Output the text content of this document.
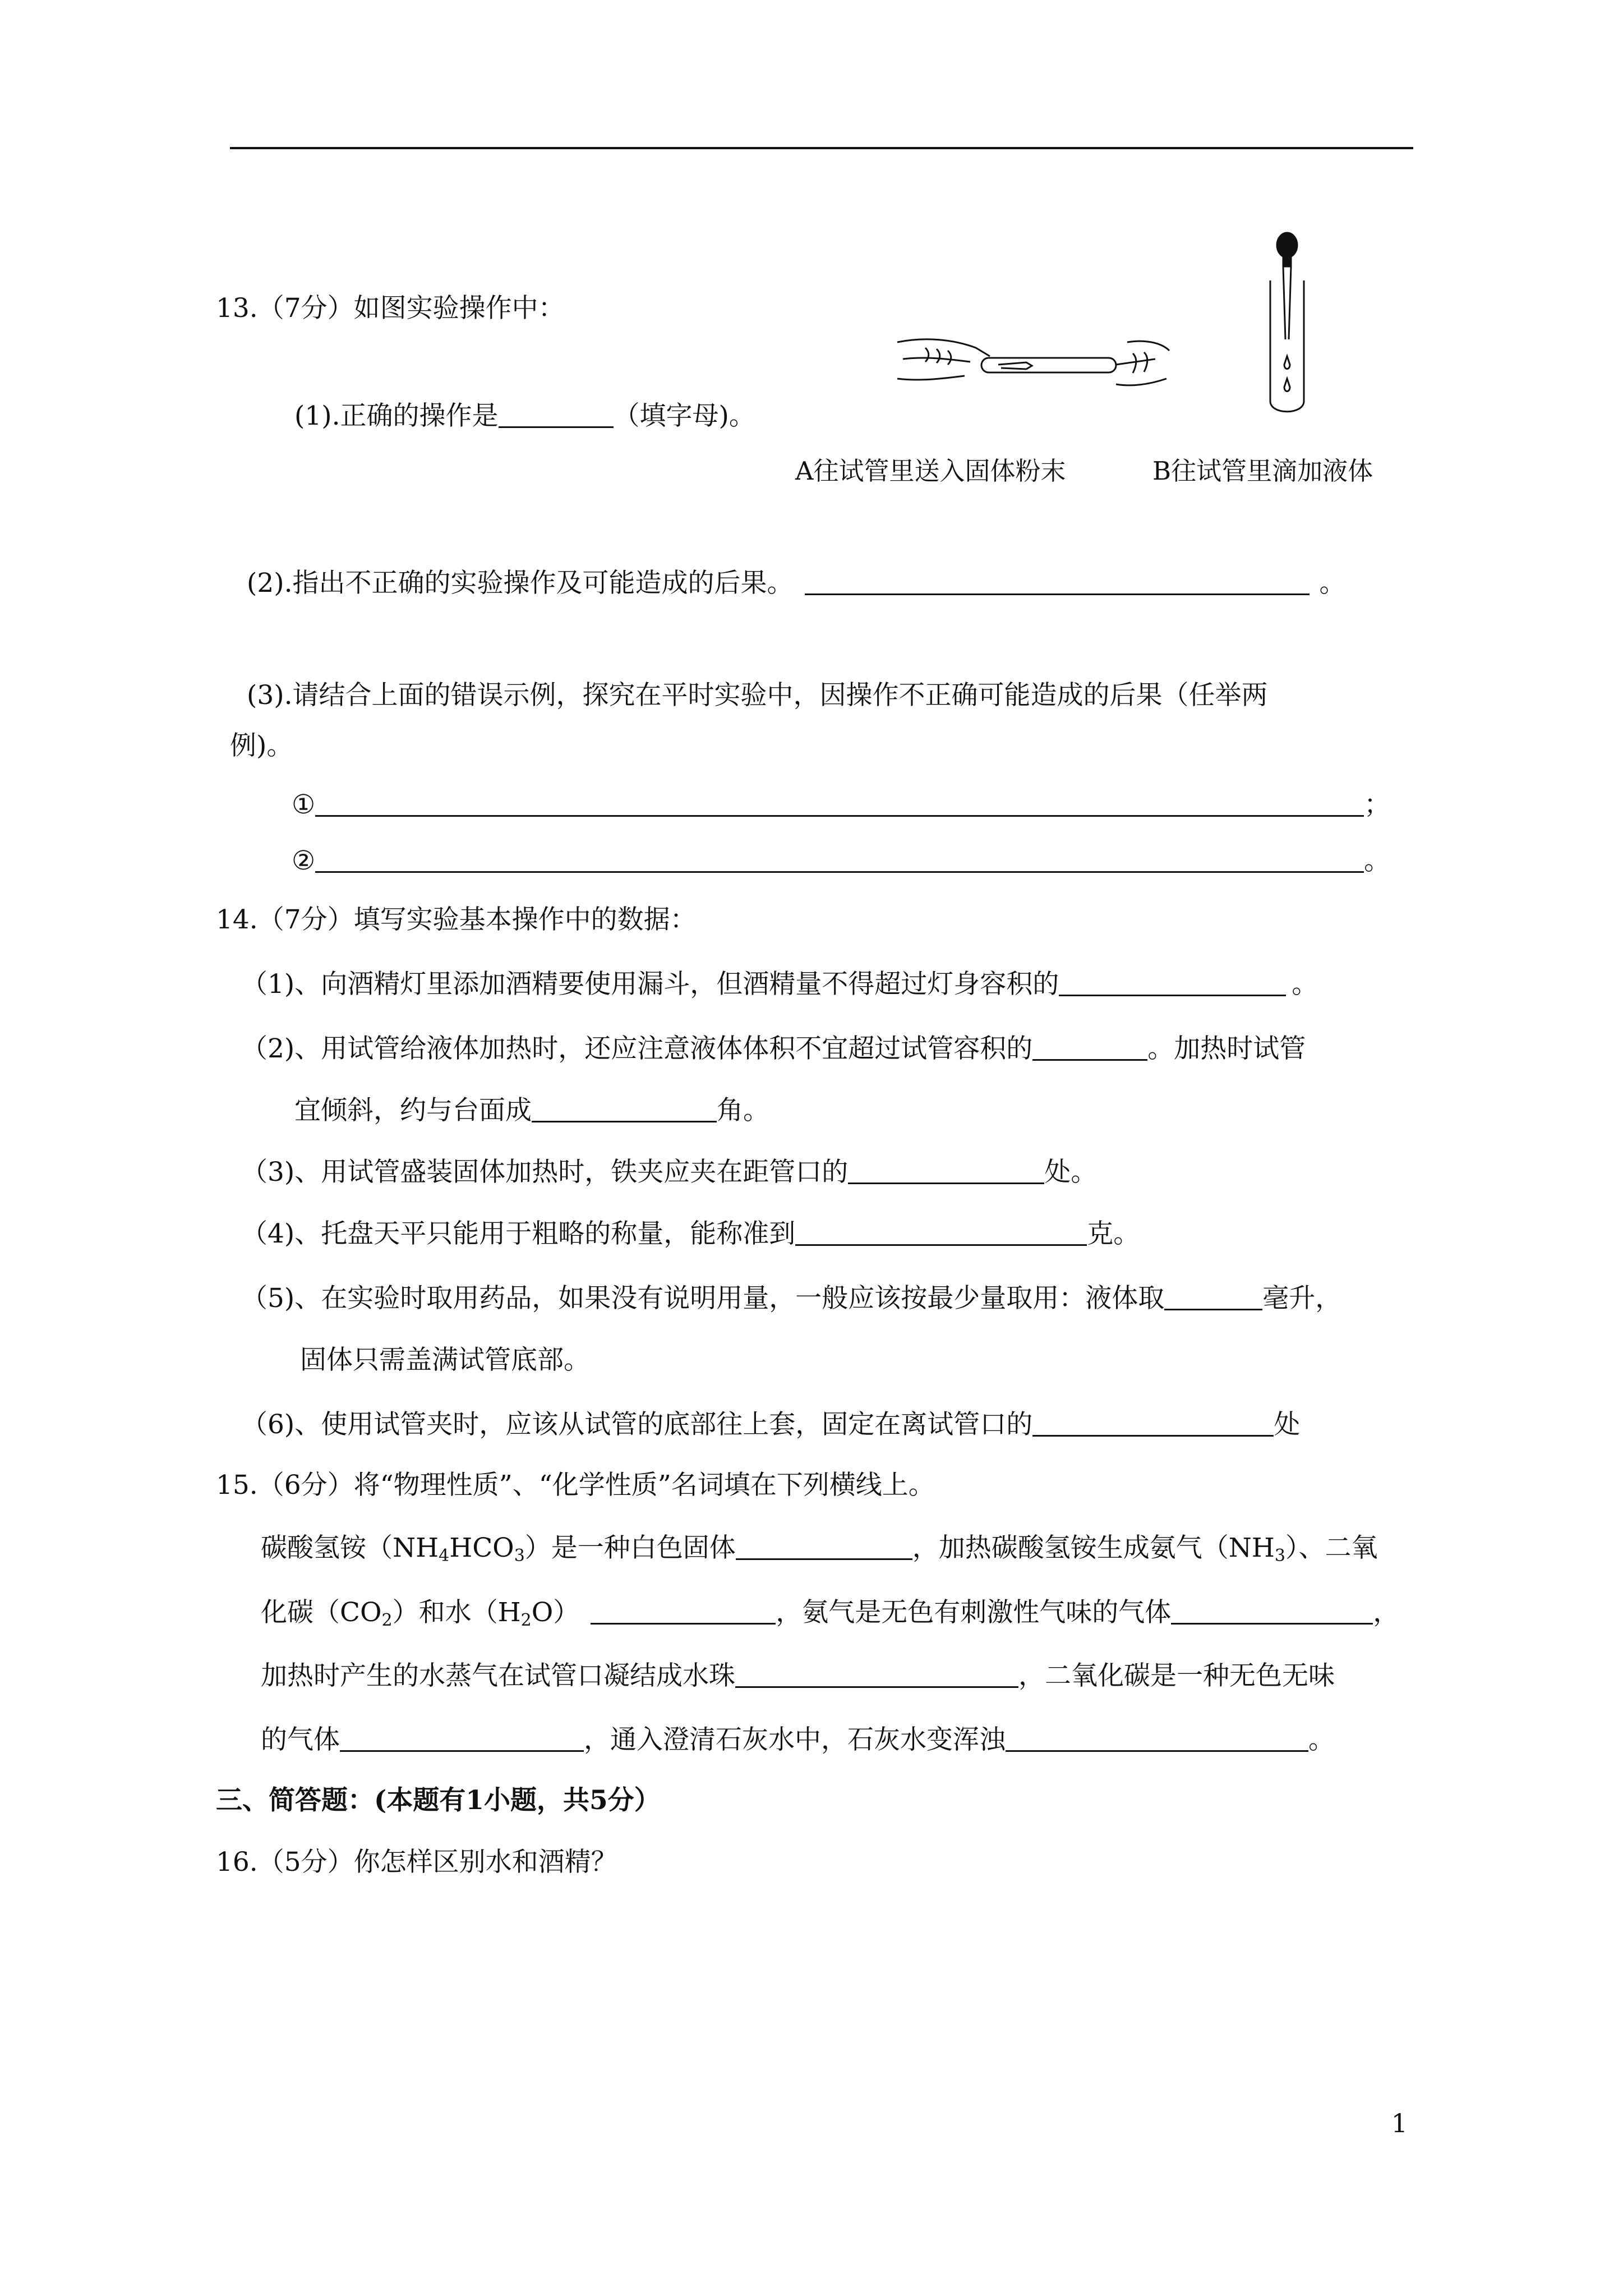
A往试管里送入固体粉末	B往试管里滴加液体
13.（7分）如图实验操作中：
(1).正确的操作是	（填字母)。
(2).指出不正确的实验操作及可能造成的后果。	。
(3).请结合上面的错误示例，探究在平时实验中，因操作不正确可能造成的后果（任举两
例)。
①	；
②	。
14.（7分）填写实验基本操作中的数据：
（1)、向酒精灯里添加酒精要使用漏斗，但酒精量不得超过灯身容积的	。
（2)、用试管给液体加热时，还应注意液体体积不宜超过试管容积的	。加热时试管
宜倾斜，约与台面成	角。
（3)、用试管盛装固体加热时，铁夹应夹在距管口的	处。
（4)、托盘天平只能用于粗略的称量，能称准到	克。
（5)、在实验时取用药品，如果没有说明用量，一般应该按最少量取用：液体取	毫升，
固体只需盖满试管底部。
（6)、使用试管夹时，应该从试管的底部往上套，固定在离试管口的	处
15.（6分）将“物理性质”、“化学性质”名词填在下列横线上。
碳酸氢铵$(NH_4HCO_3)$是一种白色固体	，加热碳酸氢铵生成氨气$(NH_3)$、二氧
化碳$(CO_2)$和水$(H_2O)$	，氨气是无色有刺激性气味的气体	，
加热时产生的水蒸气在试管口凝结成水珠	，二氧化碳是一种无色无味
的气体	，通入澄清石灰水中，石灰水变浑浊	。
三、简答题：(本题有1小题，共5分）
16.（5分）你怎样区别水和酒精？
1
